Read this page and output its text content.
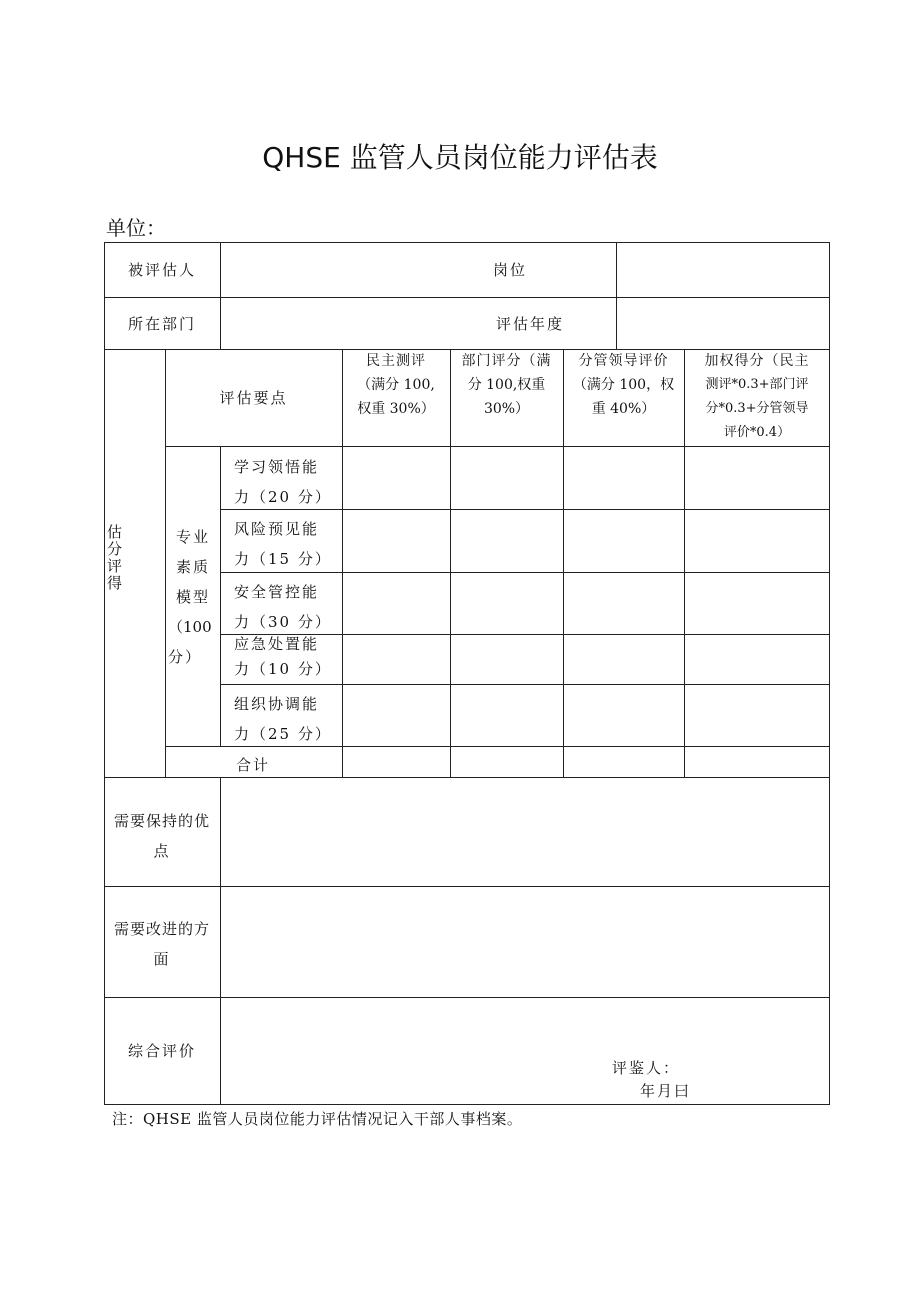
QHSE 监管人员岗位能力评估表
单位：
被评估人	岗位
所在部门	评估年度
估分评得
评估要点
民主测评
（满分 100,
权重 30%）
部门评分（满
分 100,权重
30%）
分管领导评价
（满分 100，权
重 40%）
加权得分（民主
测评*0.3+部门评
分*0.3+分管领导
评价*0.4）
专业
素质
模型
（100
分）
学习领悟能
力（20 分）
风险预见能
力（15 分）
安全管控能
力（30 分）
应急处置能
力（10 分）
组织协调能
力（25 分）
合计
需要保持的优
点
需要改进的方
面
综合评价
评鉴人：
年月曰
注：QHSE 监管人员岗位能力评估情况记入干部人事档案。
